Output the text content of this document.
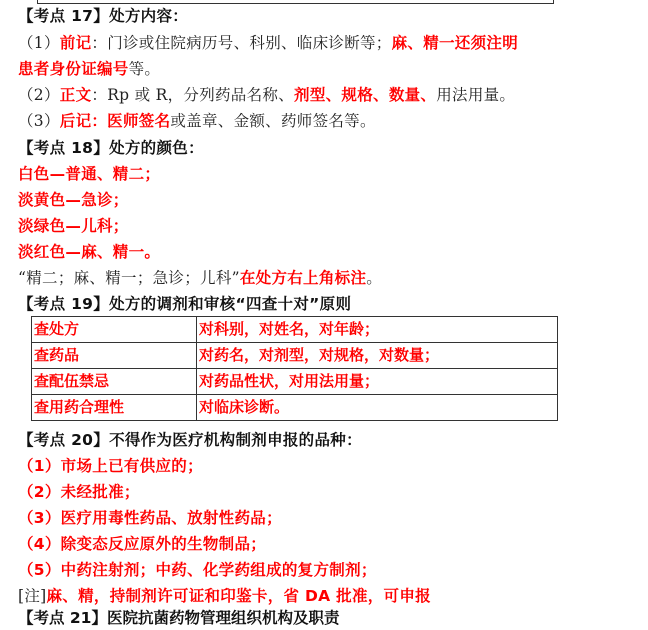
【考点 17】处方内容：
（1）前记：门诊或住院病历号、科别、临床诊断等；麻、精一还须注明
患者身份证编号等。
（2）正文：Rp 或 R，分列药品名称、剂型、规格、数量、用法用量。
（3）后记：医师签名或盖章、金额、药师签名等。
【考点 18】处方的颜色：
白色—普通、精二；
淡黄色—急诊；
淡绿色—儿科；
淡红色—麻、精一。
“精二；麻、精一；急诊；儿科”在处方右上角标注。
【考点 19】处方的调剂和审核“四查十对”原则
查处方	对科别，对姓名，对年龄；
查药品	对药名，对剂型，对规格，对数量；
查配伍禁忌	对药品性状，对用法用量；
查用药合理性	对临床诊断。
【考点 20】不得作为医疗机构制剂申报的品种：
（1）市场上已有供应的；
（2）未经批准；
（3）医疗用毒性药品、放射性药品；
（4）除变态反应原外的生物制品；
（5）中药注射剂；中药、化学药组成的复方制剂；
[注]麻、精，持制剂许可证和印鉴卡，省 DA 批准，可申报
【考点 21】医院抗菌药物管理组织机构及职责
